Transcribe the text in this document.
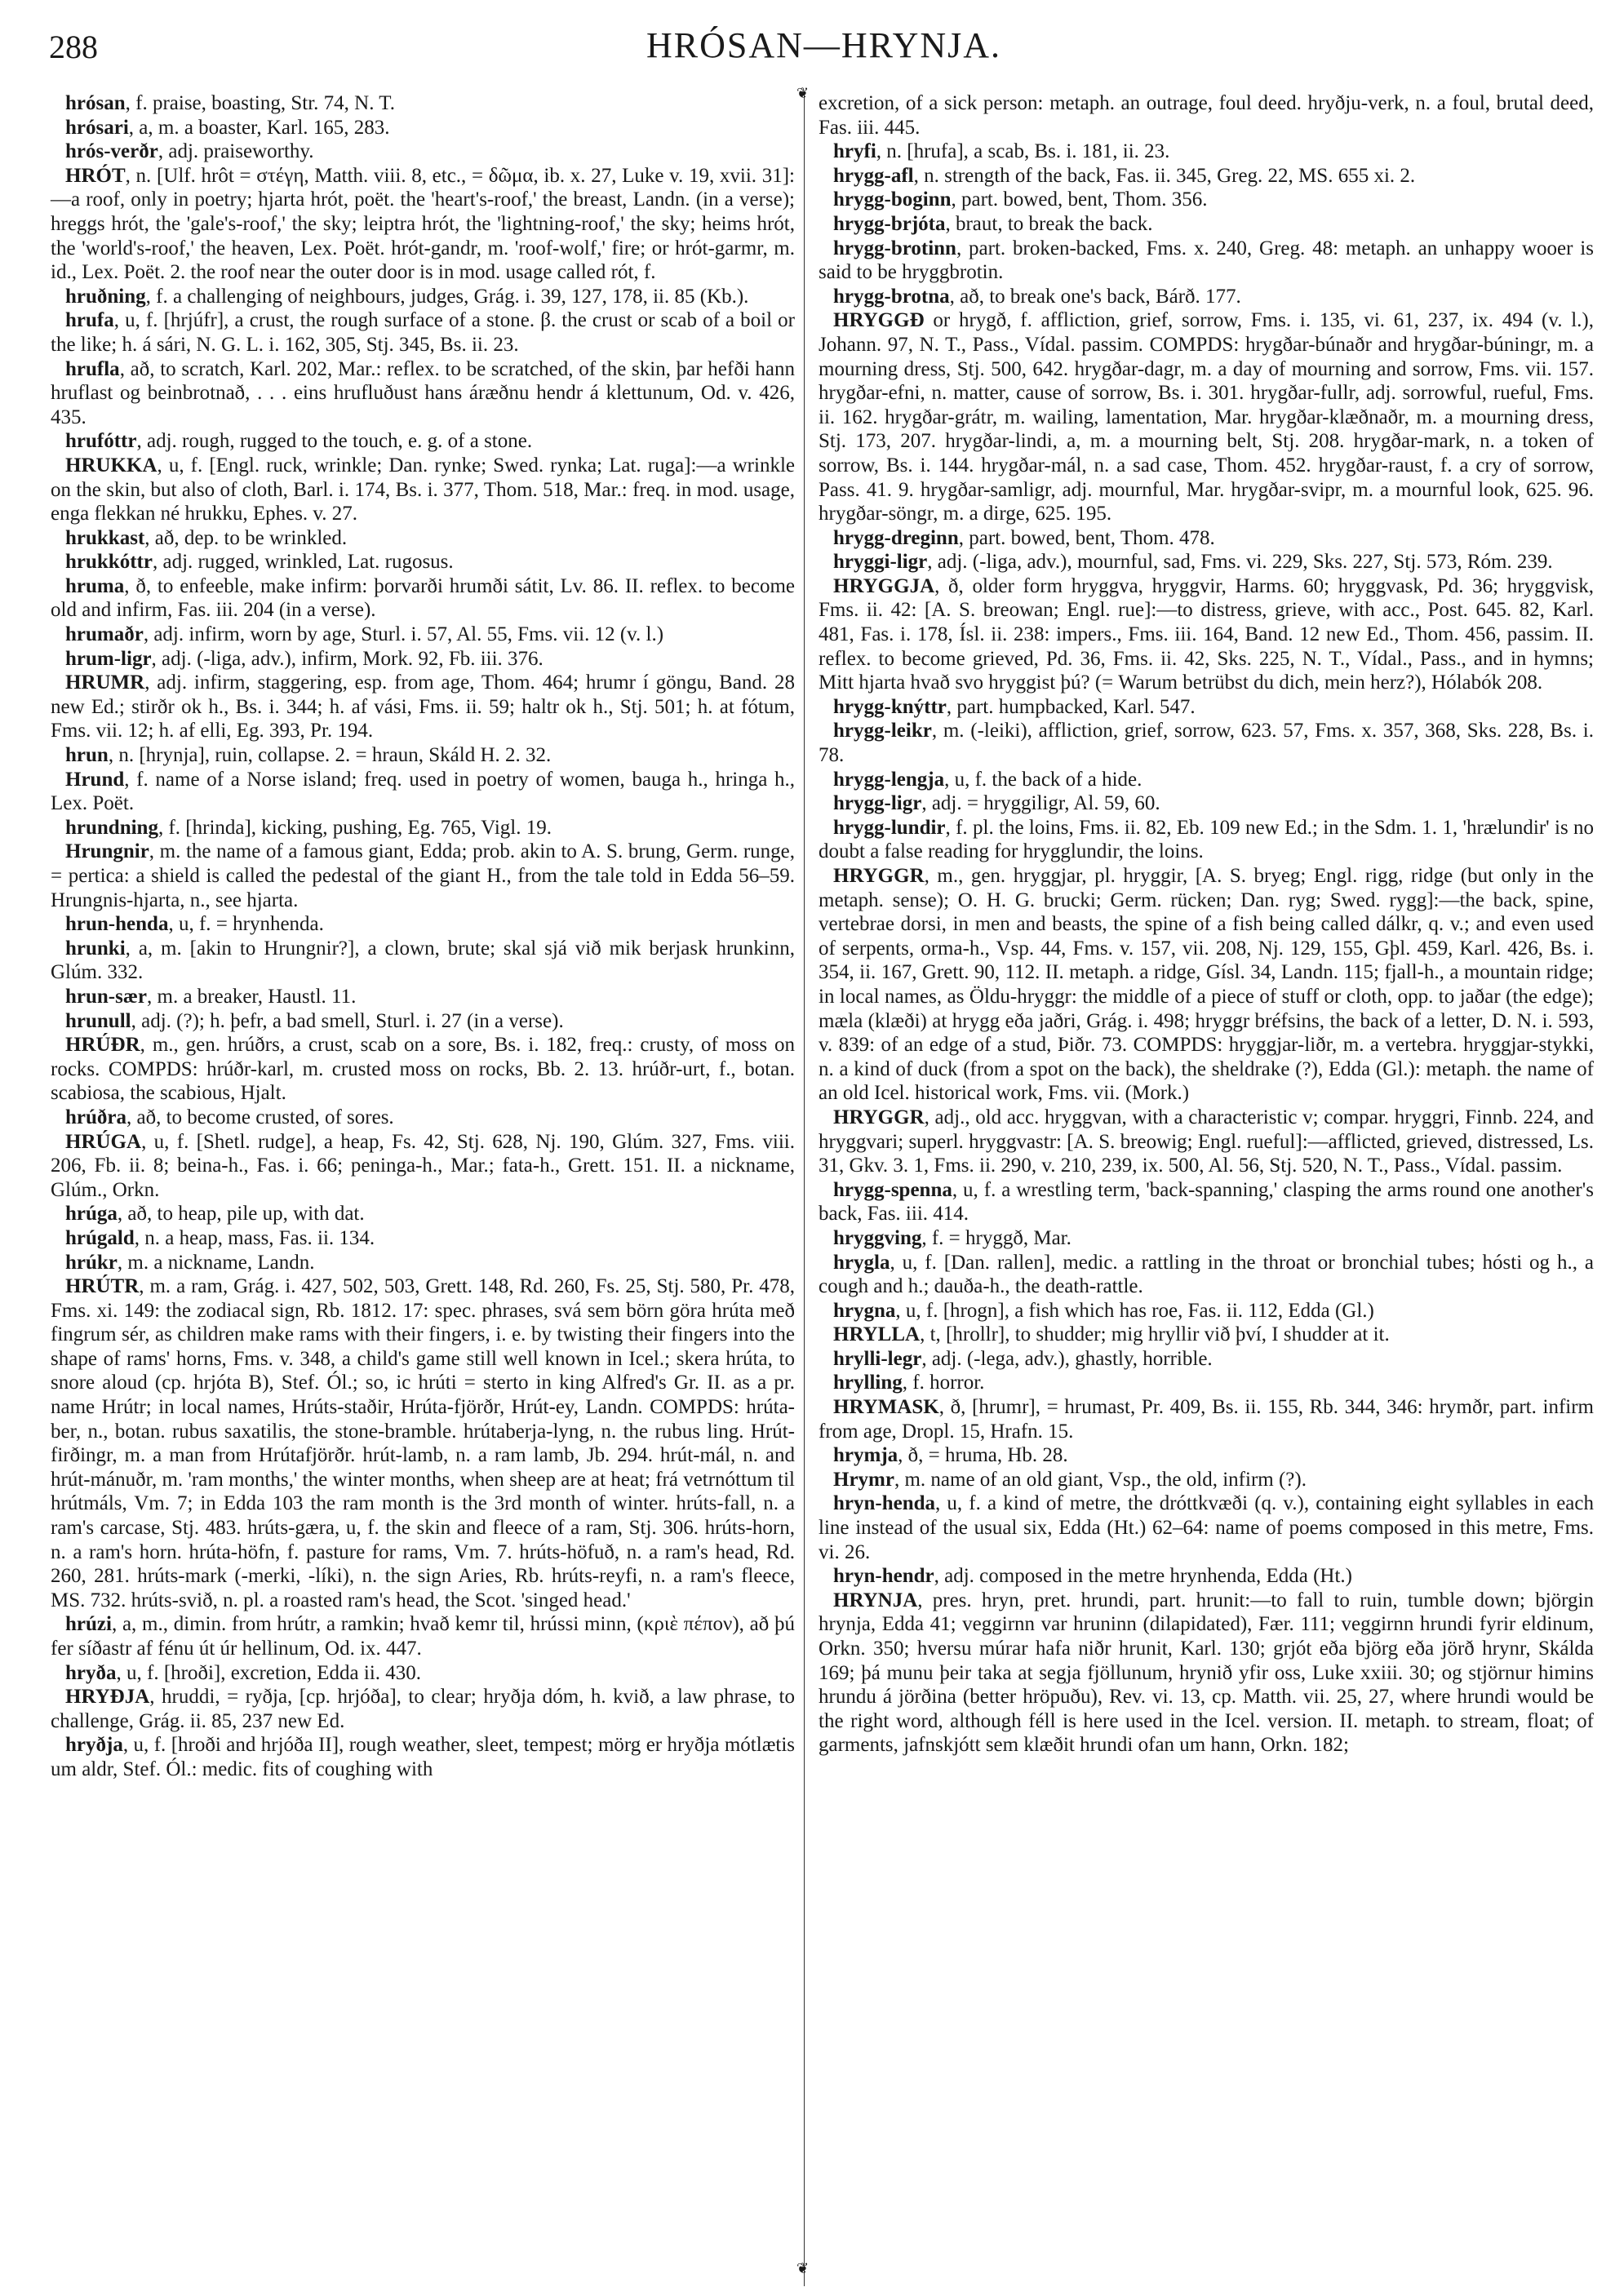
288	HRÓSAN—HRYNJA.

hrósan, f. praise, boasting, Str. 74, N. T.

hrósari, a, m. a boaster, Karl. 165, 283.

hrós-verðr, adj. praiseworthy.

HRÓT, n. [Ulf. hrôt = στέγη, Matth. viii. 8, etc., = δῶμα, ib. x. 27, Luke v. 19, xvii. 31]:—a roof, only in poetry; hjarta hrót, poët. the 'heart's-roof,' the breast, Landn. (in a verse); hreggs hrót, the 'gale's-roof,' the sky; leiptra hrót, the 'lightning-roof,' the sky; heims hrót, the 'world's-roof,' the heaven, Lex. Poët. hrót-gandr, m. 'roof-wolf,' fire; or hrót-garmr, m. id., Lex. Poët. 2. the roof near the outer door is in mod. usage called rót, f.

hruðning, f. a challenging of neighbours, judges, Grág. i. 39, 127, 178, ii. 85 (Kb.).

hrufa, u, f. [hrjúfr], a crust, the rough surface of a stone. β. the crust or scab of a boil or the like; h. á sári, N. G. L. i. 162, 305, Stj. 345, Bs. ii. 23.

hrufla, að, to scratch, Karl. 202, Mar.: reflex. to be scratched, of the skin, þar hefði hann hruflast og beinbrotnað, . . . eins hrufluðust hans áræðnu hendr á klettunum, Od. v. 426, 435.

hrufóttr, adj. rough, rugged to the touch, e. g. of a stone.

HRUKKA, u, f. [Engl. ruck, wrinkle; Dan. rynke; Swed. rynka; Lat. ruga]:—a wrinkle on the skin, but also of cloth, Barl. i. 174, Bs. i. 377, Thom. 518, Mar.: freq. in mod. usage, enga flekkan né hrukku, Ephes. v. 27.

hrukkast, að, dep. to be wrinkled.

hrukkóttr, adj. rugged, wrinkled, Lat. rugosus.

hruma, ð, to enfeeble, make infirm: þorvarði hrumði sátit, Lv. 86. II. reflex. to become old and infirm, Fas. iii. 204 (in a verse).

hrumaðr, adj. infirm, worn by age, Sturl. i. 57, Al. 55, Fms. vii. 12 (v. l.)

hrum-ligr, adj. (-liga, adv.), infirm, Mork. 92, Fb. iii. 376.

HRUMR, adj. infirm, staggering, esp. from age, Thom. 464; hrumr í göngu, Band. 28 new Ed.; stirðr ok h., Bs. i. 344; h. af vási, Fms. ii. 59; haltr ok h., Stj. 501; h. at fótum, Fms. vii. 12; h. af elli, Eg. 393, Pr. 194.

hrun, n. [hrynja], ruin, collapse. 2. = hraun, Skáld H. 2. 32.

Hrund, f. name of a Norse island; freq. used in poetry of women, bauga h., hringa h., Lex. Poët.

hrundning, f. [hrinda], kicking, pushing, Eg. 765, Vigl. 19.

Hrungnir, m. the name of a famous giant, Edda; prob. akin to A. S. brung, Germ. runge, = pertica: a shield is called the pedestal of the giant H., from the tale told in Edda 56–59. Hrungnis-hjarta, n., see hjarta.

hrun-henda, u, f. = hrynhenda.

hrunki, a, m. [akin to Hrungnir?], a clown, brute; skal sjá við mik berjask hrunkinn, Glúm. 332.

hrun-sær, m. a breaker, Haustl. 11.

hrunull, adj. (?); h. þefr, a bad smell, Sturl. i. 27 (in a verse).

HRÚÐR, m., gen. hrúðrs, a crust, scab on a sore, Bs. i. 182, freq.: crusty, of moss on rocks. COMPDS: hrúðr-karl, m. crusted moss on rocks, Bb. 2. 13. hrúðr-urt, f., botan. scabiosa, the scabious, Hjalt.

hrúðra, að, to become crusted, of sores.

HRÚGA, u, f. [Shetl. rudge], a heap, Fs. 42, Stj. 628, Nj. 190, Glúm. 327, Fms. viii. 206, Fb. ii. 8; beina-h., Fas. i. 66; peninga-h., Mar.; fata-h., Grett. 151. II. a nickname, Glúm., Orkn.

hrúga, að, to heap, pile up, with dat.

hrúgald, n. a heap, mass, Fas. ii. 134.

hrúkr, m. a nickname, Landn.

HRÚTR, m. a ram, Grág. i. 427, 502, 503, Grett. 148, Rd. 260, Fs. 25, Stj. 580, Pr. 478, Fms. xi. 149: the zodiacal sign, Rb. 1812. 17: spec. phrases, svá sem börn göra hrúta með fingrum sér, as children make rams with their fingers, i. e. by twisting their fingers into the shape of rams' horns, Fms. v. 348, a child's game still well known in Icel.; skera hrúta, to snore aloud (cp. hrjóta B), Stef. Ól.; so, ic hrúti = sterto in king Alfred's Gr. II. as a pr. name Hrútr; in local names, Hrúts-staðir, Hrúta-fjörðr, Hrút-ey, Landn. COMPDS: hrúta-ber, n., botan. rubus saxatilis, the stone-bramble. hrútaberja-lyng, n. the rubus ling. Hrút-firðingr, m. a man from Hrútafjörðr. hrút-lamb, n. a ram lamb, Jb. 294. hrút-mál, n. and hrút-mánuðr, m. 'ram months,' the winter months, when sheep are at heat; frá vetrnóttum til hrútmáls, Vm. 7; in Edda 103 the ram month is the 3rd month of winter. hrúts-fall, n. a ram's carcase, Stj. 483. hrúts-gæra, u, f. the skin and fleece of a ram, Stj. 306. hrúts-horn, n. a ram's horn. hrúta-höfn, f. pasture for rams, Vm. 7. hrúts-höfuð, n. a ram's head, Rd. 260, 281. hrúts-mark (-merki, -líki), n. the sign Aries, Rb. hrúts-reyfi, n. a ram's fleece, MS. 732. hrúts-svið, n. pl. a roasted ram's head, the Scot. 'singed head.'

hrúzi, a, m., dimin. from hrútr, a ramkin; hvað kemr til, hrússi minn, (κριὲ πέπον), að þú fer síðastr af fénu út úr hellinum, Od. ix. 447.

hryða, u, f. [hroði], excretion, Edda ii. 430.

HRYÐJA, hruddi, = ryðja, [cp. hrjóða], to clear; hryðja dóm, h. kvið, a law phrase, to challenge, Grág. ii. 85, 237 new Ed.

hryðja, u, f. [hroði and hrjóða II], rough weather, sleet, tempest; mörg er hryðja mótlætis um aldr, Stef. Ól.: medic. fits of coughing with

❦
❦

excretion, of a sick person: metaph. an outrage, foul deed. hryðju-verk, n. a foul, brutal deed, Fas. iii. 445.

hryfi, n. [hrufa], a scab, Bs. i. 181, ii. 23.

hrygg-afl, n. strength of the back, Fas. ii. 345, Greg. 22, MS. 655 xi. 2.

hrygg-boginn, part. bowed, bent, Thom. 356.

hrygg-brjóta, braut, to break the back.

hrygg-brotinn, part. broken-backed, Fms. x. 240, Greg. 48: metaph. an unhappy wooer is said to be hryggbrotin.

hrygg-brotna, að, to break one's back, Bárð. 177.

HRYGGÐ or hrygð, f. affliction, grief, sorrow, Fms. i. 135, vi. 61, 237, ix. 494 (v. l.), Johann. 97, N. T., Pass., Vídal. passim. COMPDS: hrygðar-búnaðr and hrygðar-búningr, m. a mourning dress, Stj. 500, 642. hrygðar-dagr, m. a day of mourning and sorrow, Fms. vii. 157. hrygðar-efni, n. matter, cause of sorrow, Bs. i. 301. hrygðar-fullr, adj. sorrowful, rueful, Fms. ii. 162. hrygðar-grátr, m. wailing, lamentation, Mar. hrygðar-klæðnaðr, m. a mourning dress, Stj. 173, 207. hrygðar-lindi, a, m. a mourning belt, Stj. 208. hrygðar-mark, n. a token of sorrow, Bs. i. 144. hrygðar-mál, n. a sad case, Thom. 452. hrygðar-raust, f. a cry of sorrow, Pass. 41. 9. hrygðar-samligr, adj. mournful, Mar. hrygðar-svipr, m. a mournful look, 625. 96. hrygðar-söngr, m. a dirge, 625. 195.

hrygg-dreginn, part. bowed, bent, Thom. 478.

hryggi-ligr, adj. (-liga, adv.), mournful, sad, Fms. vi. 229, Sks. 227, Stj. 573, Róm. 239.

HRYGGJA, ð, older form hryggva, hryggvir, Harms. 60; hryggvask, Pd. 36; hryggvisk, Fms. ii. 42: [A. S. breowan; Engl. rue]:—to distress, grieve, with acc., Post. 645. 82, Karl. 481, Fas. i. 178, Ísl. ii. 238: impers., Fms. iii. 164, Band. 12 new Ed., Thom. 456, passim. II. reflex. to become grieved, Pd. 36, Fms. ii. 42, Sks. 225, N. T., Vídal., Pass., and in hymns; Mitt hjarta hvað svo hryggist þú? (= Warum betrübst du dich, mein herz?), Hólabók 208.

hrygg-knýttr, part. humpbacked, Karl. 547.

hrygg-leikr, m. (-leiki), affliction, grief, sorrow, 623. 57, Fms. x. 357, 368, Sks. 228, Bs. i. 78.

hrygg-lengja, u, f. the back of a hide.

hrygg-ligr, adj. = hryggiligr, Al. 59, 60.

hrygg-lundir, f. pl. the loins, Fms. ii. 82, Eb. 109 new Ed.; in the Sdm. 1. 1, 'hrælundir' is no doubt a false reading for hrygglundir, the loins.

HRYGGR, m., gen. hryggjar, pl. hryggir, [A. S. bryeg; Engl. rigg, ridge (but only in the metaph. sense); O. H. G. brucki; Germ. rücken; Dan. ryg; Swed. rygg]:—the back, spine, vertebrae dorsi, in men and beasts, the spine of a fish being called dálkr, q. v.; and even used of serpents, orma-h., Vsp. 44, Fms. v. 157, vii. 208, Nj. 129, 155, Gþl. 459, Karl. 426, Bs. i. 354, ii. 167, Grett. 90, 112. II. metaph. a ridge, Gísl. 34, Landn. 115; fjall-h., a mountain ridge; in local names, as Öldu-hryggr: the middle of a piece of stuff or cloth, opp. to jaðar (the edge); mæla (klæði) at hrygg eða jaðri, Grág. i. 498; hryggr bréfsins, the back of a letter, D. N. i. 593, v. 839: of an edge of a stud, Þiðr. 73. COMPDS: hryggjar-liðr, m. a vertebra. hryggjar-stykki, n. a kind of duck (from a spot on the back), the sheldrake (?), Edda (Gl.): metaph. the name of an old Icel. historical work, Fms. vii. (Mork.)

HRYGGR, adj., old acc. hryggvan, with a characteristic v; compar. hryggri, Finnb. 224, and hryggvari; superl. hryggvastr: [A. S. breowig; Engl. rueful]:—afflicted, grieved, distressed, Ls. 31, Gkv. 3. 1, Fms. ii. 290, v. 210, 239, ix. 500, Al. 56, Stj. 520, N. T., Pass., Vídal. passim.

hrygg-spenna, u, f. a wrestling term, 'back-spanning,' clasping the arms round one another's back, Fas. iii. 414.

hryggving, f. = hryggð, Mar.

hrygla, u, f. [Dan. rallen], medic. a rattling in the throat or bronchial tubes; hósti og h., a cough and h.; dauða-h., the death-rattle.

hrygna, u, f. [hrogn], a fish which has roe, Fas. ii. 112, Edda (Gl.)

HRYLLA, t, [hrollr], to shudder; mig hryllir við því, I shudder at it.

hrylli-legr, adj. (-lega, adv.), ghastly, horrible.

hrylling, f. horror.

HRYMASK, ð, [hrumr], = hrumast, Pr. 409, Bs. ii. 155, Rb. 344, 346: hrymðr, part. infirm from age, Dropl. 15, Hrafn. 15.

hrymja, ð, = hruma, Hb. 28.

Hrymr, m. name of an old giant, Vsp., the old, infirm (?).

hryn-henda, u, f. a kind of metre, the dróttkvæði (q. v.), containing eight syllables in each line instead of the usual six, Edda (Ht.) 62–64: name of poems composed in this metre, Fms. vi. 26.

hryn-hendr, adj. composed in the metre hrynhenda, Edda (Ht.)

HRYNJA, pres. hryn, pret. hrundi, part. hrunit:—to fall to ruin, tumble down; björgin hrynja, Edda 41; veggirnn var hruninn (dilapidated), Fær. 111; veggirnn hrundi fyrir eldinum, Orkn. 350; hversu múrar hafa niðr hrunit, Karl. 130; grjót eða björg eða jörð hrynr, Skálda 169; þá munu þeir taka at segja fjöllunum, hrynið yfir oss, Luke xxiii. 30; og stjörnur himins hrundu á jörðina (better hröpuðu), Rev. vi. 13, cp. Matth. vii. 25, 27, where hrundi would be the right word, although féll is here used in the Icel. version. II. metaph. to stream, float; of garments, jafnskjótt sem klæðit hrundi ofan um hann, Orkn. 182;
